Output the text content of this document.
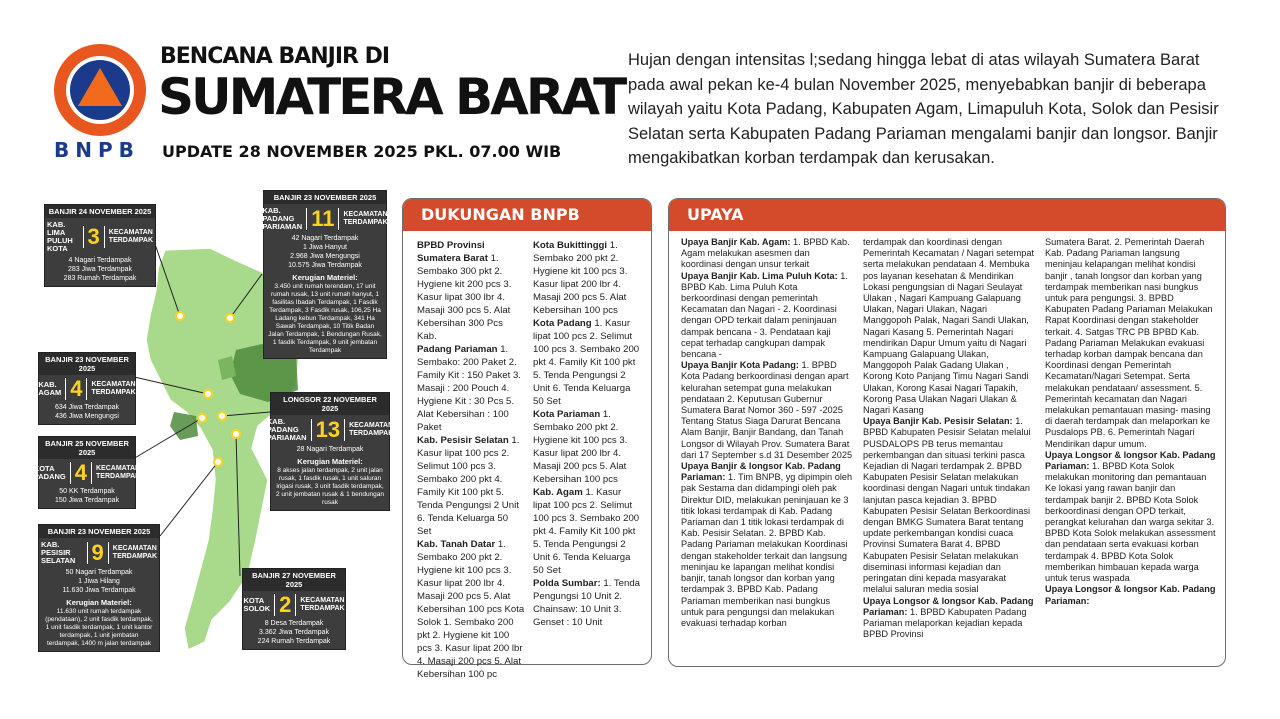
BNPB
BENCANA BANJIR DI
SUMATERA BARAT
UPDATE 28 NOVEMBER 2025 PKL. 07.00 WIB
Hujan dengan intensitas l;sedang hingga lebat di atas wilayah Sumatera Barat pada awal pekan ke-4 bulan November 2025, menyebabkan banjir di beberapa wilayah yaitu Kota Padang, Kabupaten Agam, Limapuluh Kota, Solok dan Pesisir Selatan serta Kabupaten Padang Pariaman mengalami banjir dan longsor. Banjir mengakibatkan korban terdampak dan kerusakan.
BANJIR 24 NOVEMBER 2025
KAB. LIMA PULUH KOTA 3	KECAMATAN TERDAMPAK
4 Nagari Terdampak
283 Jiwa Terdampak
283 Rumah Terdampak
BANJIR 23 NOVEMBER 2025
KAB. PADANG PARIAMAN 11	KECAMATAN TERDAMPAK
42 Nagari Terdampak
1 Jiwa Hanyut
2.968 Jiwa Mengungsi
10.575 Jiwa Terdampak
Kerugian Materiel:
3.450 unit rumah terendam, 17 unit rumah rusak, 13 unit rumah hanyut, 1 fasilitas Ibadah Terdampak, 1 Fasdik Terdampak, 3 Fasdik rusak, 106,25 Ha Ladang kebun Terdampak, 341 Ha Sawah Terdampak, 10 Titik Badan Jalan Terdampak, 1 Bendungan Rusak, 1 fasdik Terdampak, 9 unit jembatan Terdampak
BANJIR 23 NOVEMBER 2025
KAB. AGAM 4	KECAMATAN TERDAMPAK
634 Jiwa Terdampak
436 Jiwa Mengungsi
LONGSOR 22 NOVEMBER 2025
KAB. PADANG PARIAMAN 13	KECAMATAN TERDAMPAK
28 Nagari Terdampak
Kerugian Materiel:
8 akses jalan terdampak, 2 unit jalan rusak, 1 fasdik rusak, 1 unit saluran irigasi rusak, 3 unit fasdik terdampak, 2 unit jembatan rusak & 1 bendungan rusak
BANJIR 25 NOVEMBER 2025
KOTA PADANG 4	KECAMATAN TERDAMPAK
50 KK Terdampak
150 Jiwa Terdampak
BANJIR 23 NOVEMBER 2025
KAB. PESISIR SELATAN 9	KECAMATAN TERDAMPAK
50 Nagari Terdampak
1 Jiwa Hilang
11.630 Jiwa Terdampak
Kerugian Materiel:
11.630 unit rumah terdampak (pendataan), 2 unit fasdik terdampak, 1 unit fasdik terdampak, 1 unit kantor terdampak, 1 unit jembatan terdampak, 1400 m jalan terdampak
BANJIR 27 NOVEMBER 2025
KOTA SOLOK 2	KECAMATAN TERDAMPAK
8 Desa Terdampak
3.362 Jiwa Terdampak
224 Rumah Terdampak
DUKUNGAN BNPB
BPBD Provinsi Sumatera Barat 1. Sembako 300 pkt 2. Hygiene kit 200 pcs 3. Kasur lipat 300 lbr 4. Masaji 300 pcs 5. Alat Kebersihan 300 Pcs Kab.
Padang Pariaman 1. Sembako: 200 Paket 2. Family Kit : 150 Paket 3. Masaji : 200 Pouch 4. Hygiene Kit : 30 Pcs 5. Alat Kebersihan : 100 Paket
Kab. Pesisir Selatan 1. Kasur lipat 100 pcs 2. Selimut 100 pcs 3. Sembako 200 pkt 4. Family Kit 100 pkt 5. Tenda Pengungsi 2 Unit 6. Tenda Keluarga 50 Set
Kab. Tanah Datar 1. Sembako 200 pkt 2. Hygiene kit 100 pcs 3. Kasur lipat 200 lbr 4. Masaji 200 pcs 5. Alat Kebersihan 100 pcs Kota Solok 1. Sembako 200 pkt 2. Hygiene kit 100 pcs 3. Kasur lipat 200 lbr 4. Masaji 200 pcs 5. Alat Kebersihan 100 pc
Kota Bukittinggi 1. Sembako 200 pkt 2. Hygiene kit 100 pcs 3. Kasur lipat 200 lbr 4. Masaji 200 pcs 5. Alat Kebersihan 100 pcs
Kota Padang 1. Kasur lipat 100 pcs 2. Selimut 100 pcs 3. Sembako 200 pkt 4. Family Kit 100 pkt 5. Tenda Pengungsi 2 Unit 6. Tenda Keluarga 50 Set
Kota Pariaman 1. Sembako 200 pkt 2. Hygiene kit 100 pcs 3. Kasur lipat 200 lbr 4. Masaji 200 pcs 5. Alat Kebersihan 100 pcs
Kab. Agam 1. Kasur lipat 100 pcs 2. Selimut 100 pcs 3. Sembako 200 pkt 4. Family Kit 100 pkt 5. Tenda Pengungsi 2 Unit 6. Tenda Keluarga 50 Set
Polda Sumbar: 1. Tenda Pengungsi 10 Unit 2. Chainsaw: 10 Unit 3. Genset : 10 Unit
UPAYA
Upaya Banjir Kab. Agam: 1. BPBD Kab. Agam melakukan asesmen dan koordinasi dengan unsur terkait
Upaya Banjir Kab. Lima Puluh Kota: 1. BPBD Kab. Lima Puluh Kota berkoordinasi dengan pemerintah Kecamatan dan Nagari - 2. Koordinasi dengan OPD terkait dalam peninjauan dampak bencana - 3. Pendataan kaji cepat terhadap cangkupan dampak bencana -
Upaya Banjir Kota Padang: 1. BPBD Kota Padang berkoordinasi dengan apart kelurahan setempat guna melakukan pendataan 2. Keputusan Gubernur Sumatera Barat Nomor 360 - 597 -2025 Tentang Status Siaga Darurat Bencana Alam Banjir, Banjir Bandang, dan Tanah Longsor di Wilayah Prov. Sumatera Barat dari 17 September s.d 31 Desember 2025
Upaya Banjir & longsor Kab. Padang Pariaman: 1. Tim BNPB, yg dipimpin oleh pak Sestama dan didampingi oleh pak Direktur DID, melakukan peninjauan ke 3 titik lokasi terdampak di Kab. Padang Pariaman dan 1 titik lokasi terdampak di Kab. Pesisir Selatan. 2. BPBD Kab. Padang Pariaman melakukan Koordinasi dengan stakeholder terkait dan langsung meninjau ke lapangan melihat kondisi banjir, tanah longsor dan korban yang terdampak 3. BPBD Kab. Padang Pariaman memberikan nasi bungkus untuk para pengungsi dan melakukan evakuasi terhadap korban
terdampak dan koordinasi dengan Pemerintah Kecamatan / Nagari setempat serta melakukan pendataan 4. Membuka pos layanan kesehatan & Mendirikan Lokasi pengungsian di Nagari Seulayat Ulakan , Nagari Kampuang Galapuang Ulakan, Nagari Ulakan, Nagari Manggopoh Palak, Nagari Sandi Ulakan, Nagari Kasang 5. Pemerintah Nagari mendirikan Dapur Umum yaitu di Nagari Kampuang Galapuang Ulakan, Manggopoh Palak Gadang Ulakan , Korong Koto Panjang Timu Nagari Sandi Ulakan, Korong Kasai Nagari Tapakih, Korong Pasa Ulakan Nagari Ulakan & Nagari Kasang
Upaya Banjir Kab. Pesisir Selatan: 1. BPBD Kabupaten Pesisir Selatan melalui PUSDALOPS PB terus memantau perkembangan dan situasi terkini pasca Kejadian di Nagari terdampak 2. BPBD Kabupaten Pesisir Selatan melakukan koordinasi dengan Nagari untuk tindakan lanjutan pasca kejadian 3. BPBD Kabupaten Pesisir Selatan Berkoordinasi dengan BMKG Sumatera Barat tentang update perkembangan kondisi cuaca Provinsi Sumatera Barat 4. BPBD Kabupaten Pesisir Selatan melakukan diseminasi informasi kejadian dan peringatan dini kepada masyarakat melalui saluran media sosial
Upaya Longsor & longsor Kab. Padang Pariaman: 1. BPBD Kabupaten Padang Pariaman melaporkan kejadian kepada BPBD Provinsi
Sumatera Barat. 2. Pemerintah Daerah Kab. Padang Pariaman langsung meninjau kelapangan melihat kondisi banjir , tanah longsor dan korban yang terdampak memberikan nasi bungkus untuk para pengungsi. 3. BPBD Kabupaten Padang Pariaman Melakukan Rapat Koordinasi dengan stakeholder terkait. 4. Satgas TRC PB BPBD Kab. Padang Pariaman Melakukan evakuasi terhadap korban dampak bencana dan Koordinasi dengan Pemerintah Kecamatan/Nagari Setempat. Serta melakukan pendataan/ assessment. 5. Pemerintah kecamatan dan Nagari melakukan pemantauan masing- masing di daerah terdampak dan melaporkan ke Pusdalops PB. 6. Pemerintah Nagari Mendirikan dapur umum.
Upaya Longsor & longsor Kab. Padang Pariaman: 1. BPBD Kota Solok melakukan monitoring dan pemantauan Ke lokasi yang rawan banjir dan terdampak banjir 2. BPBD Kota Solok berkoordinasi dengan OPD terkait, perangkat kelurahan dan warga sekitar 3. BPBD Kota Solok melakukan assessment dan pendataan serta evakuasi korban terdampak 4. BPBD Kota Solok memberikan himbauan kepada warga untuk terus waspada
Upaya Longsor & longsor Kab. Padang Pariaman:
